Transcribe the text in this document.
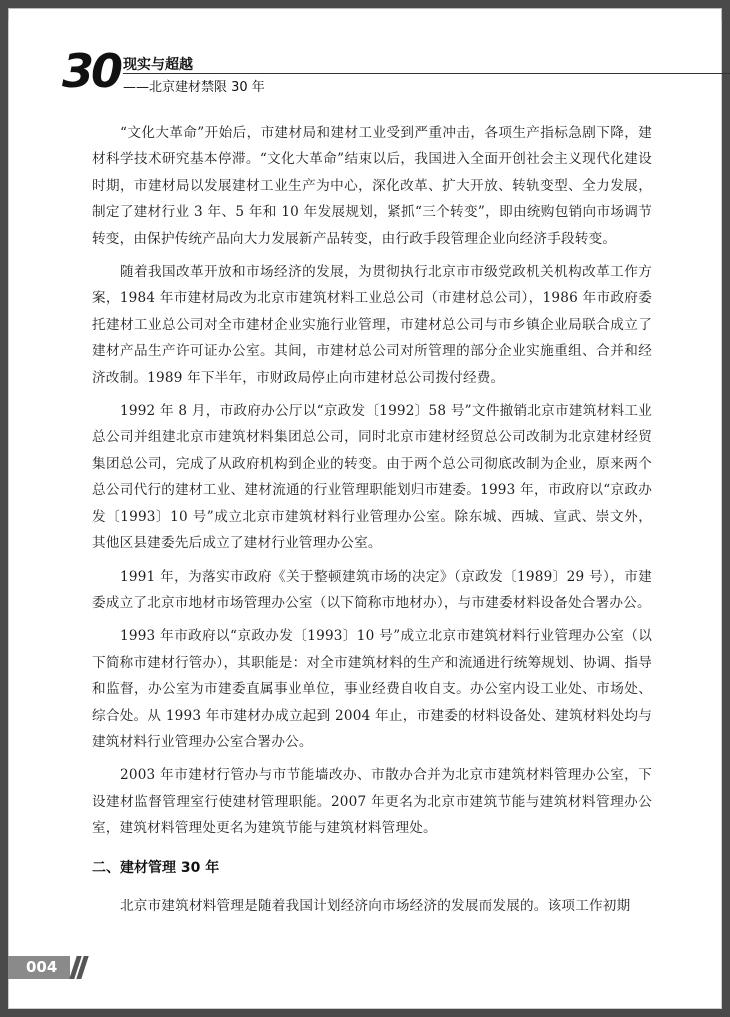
30 现实与超越
——北京建材禁限 30 年

“文化大革命”开始后，市建材局和建材工业受到严重冲击，各项生产指标急剧下降，建材科学技术研究基本停滞。“文化大革命”结束以后，我国进入全面开创社会主义现代化建设时期，市建材局以发展建材工业生产为中心，深化改革、扩大开放、转轨变型、全力发展，制定了建材行业 3 年、5 年和 10 年发展规划，紧抓“三个转变”，即由统购包销向市场调节转变，由保护传统产品向大力发展新产品转变，由行政手段管理企业向经济手段转变。

随着我国改革开放和市场经济的发展，为贯彻执行北京市市级党政机关机构改革工作方案，1984 年市建材局改为北京市建筑材料工业总公司（市建材总公司），1986 年市政府委托建材工业总公司对全市建材企业实施行业管理，市建材总公司与市乡镇企业局联合成立了建材产品生产许可证办公室。其间，市建材总公司对所管理的部分企业实施重组、合并和经济改制。1989 年下半年，市财政局停止向市建材总公司拨付经费。

1992 年 8 月，市政府办公厅以“京政发〔1992〕58 号”文件撤销北京市建筑材料工业总公司并组建北京市建筑材料集团总公司，同时北京市建材经贸总公司改制为北京建材经贸集团总公司，完成了从政府机构到企业的转变。由于两个总公司彻底改制为企业，原来两个总公司代行的建材工业、建材流通的行业管理职能划归市建委。1993 年，市政府以“京政办发〔1993〕10 号”成立北京市建筑材料行业管理办公室。除东城、西城、宣武、崇文外，其他区县建委先后成立了建材行业管理办公室。

1991 年，为落实市政府《关于整顿建筑市场的决定》（京政发〔1989〕29 号），市建委成立了北京市地材市场管理办公室（以下简称市地材办），与市建委材料设备处合署办公。

1993 年市政府以“京政办发〔1993〕10 号”成立北京市建筑材料行业管理办公室（以下简称市建材行管办），其职能是：对全市建筑材料的生产和流通进行统筹规划、协调、指导和监督，办公室为市建委直属事业单位，事业经费自收自支。办公室内设工业处、市场处、综合处。从 1993 年市建材办成立起到 2004 年止，市建委的材料设备处、建筑材料处均与建筑材料行业管理办公室合署办公。

2003 年市建材行管办与市节能墙改办、市散办合并为北京市建筑材料管理办公室，下设建材监督管理室行使建材管理职能。2007 年更名为北京市建筑节能与建筑材料管理办公室，建筑材料管理处更名为建筑节能与建筑材料管理处。

二、建材管理 30 年

北京市建筑材料管理是随着我国计划经济向市场经济的发展而发展的。该项工作初期

004
